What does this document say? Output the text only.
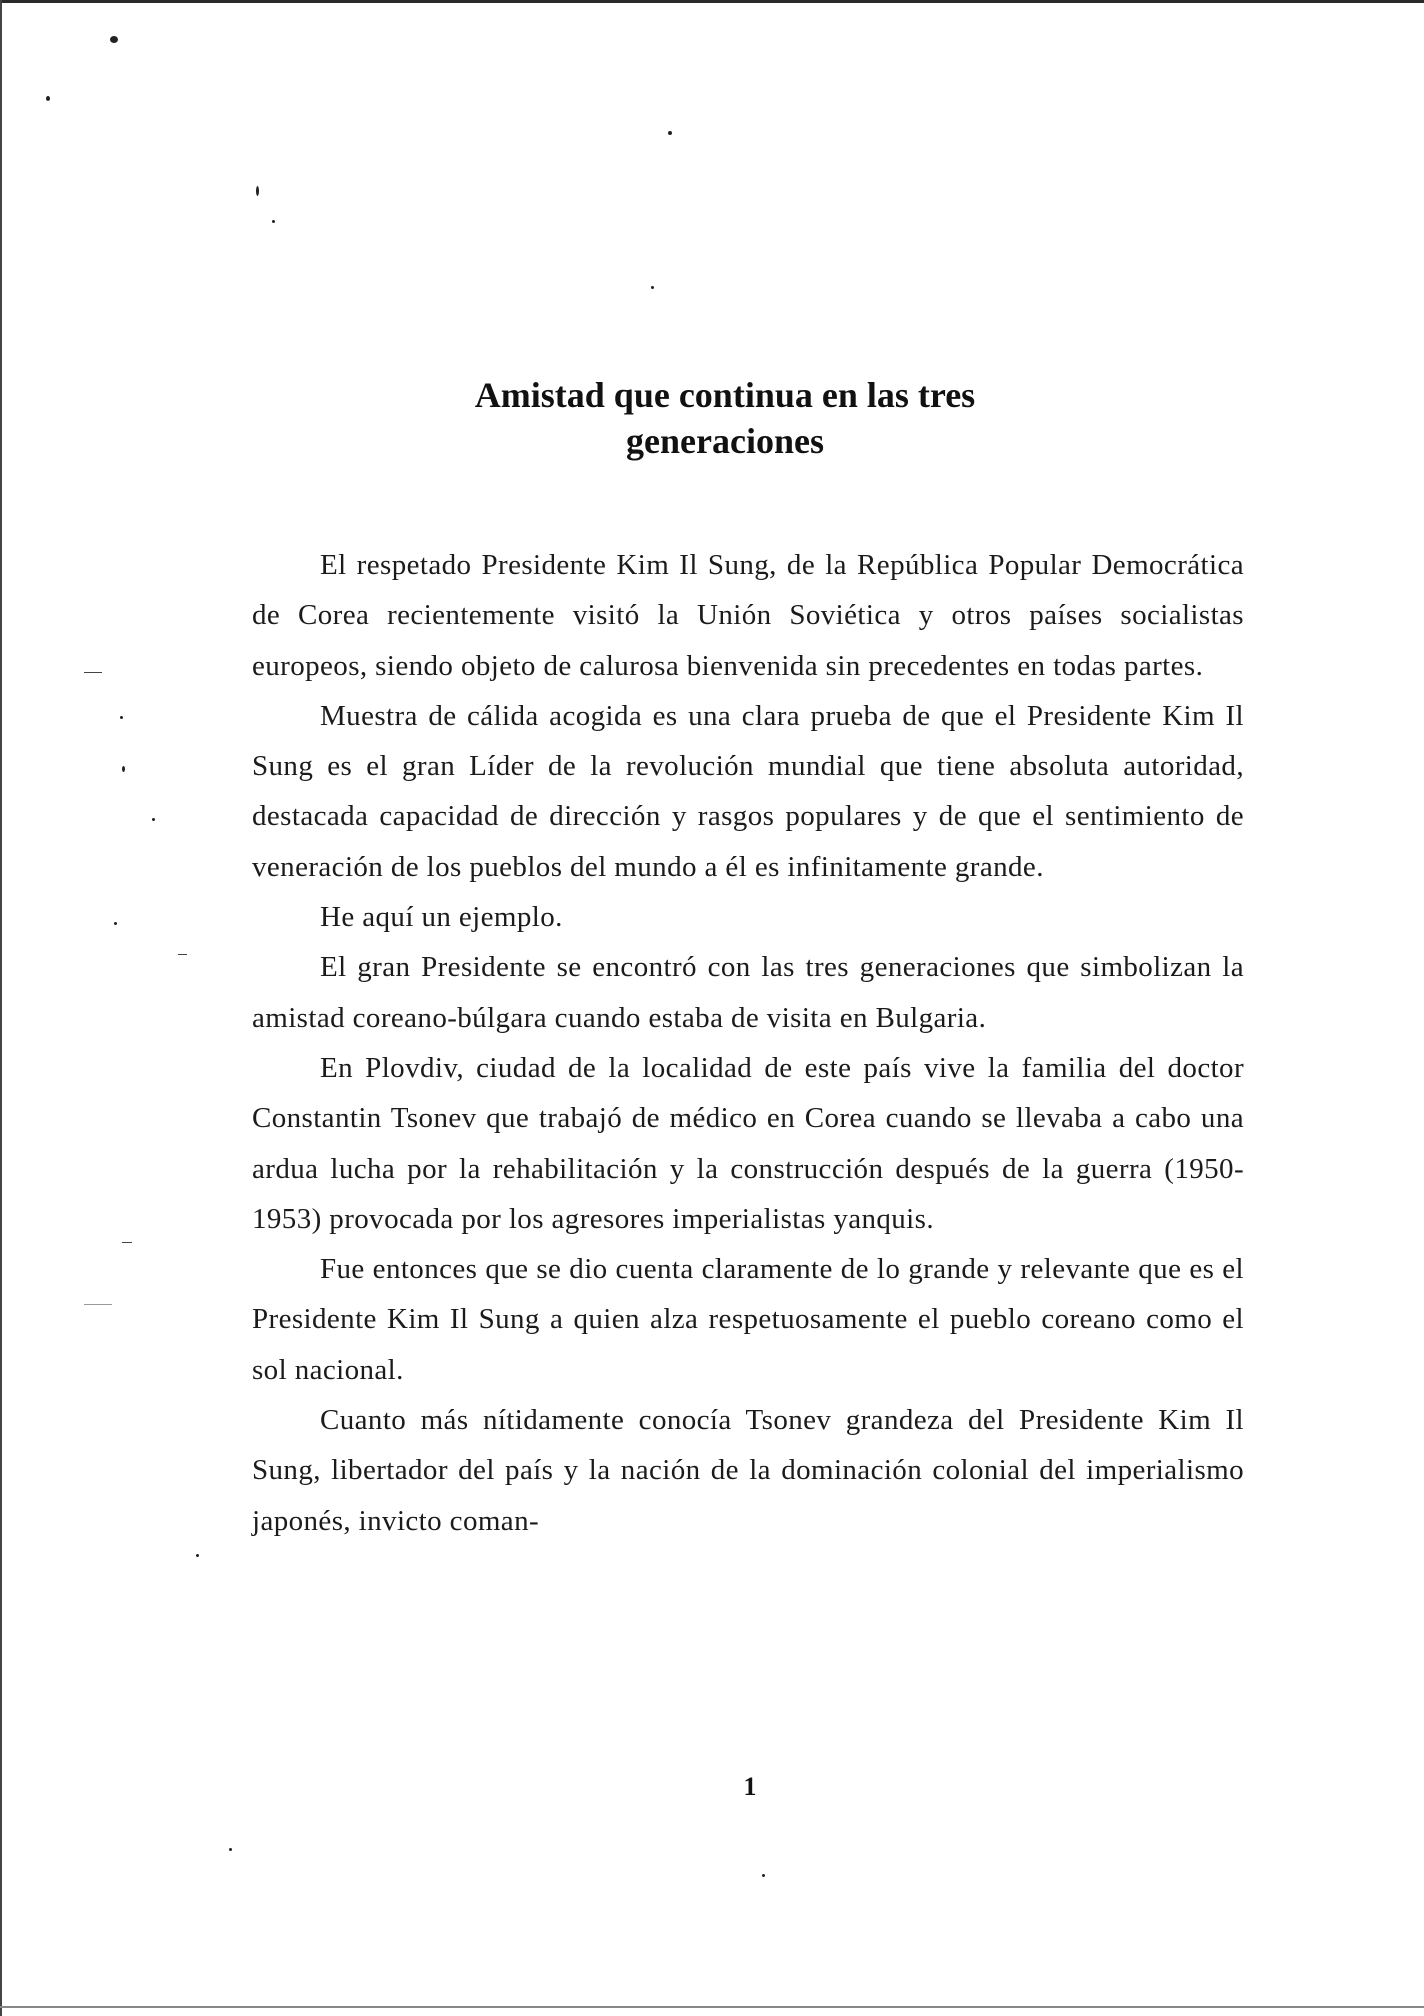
Amistad que continua en las tres
generaciones

El respetado Presidente Kim Il Sung, de la República Popular Democrática de Corea recientemente visitó la Unión Soviética y otros países socialistas europeos, siendo objeto de calurosa bienvenida sin precedentes en todas partes.

Muestra de cálida acogida es una clara prueba de que el Presidente Kim Il Sung es el gran Líder de la revolución mundial que tiene absoluta autoridad, destacada capacidad de dirección y rasgos populares y de que el sentimiento de veneración de los pueblos del mundo a él es infinitamente grande.

He aquí un ejemplo.

El gran Presidente se encontró con las tres generaciones que simbolizan la amistad coreano-búlgara cuando estaba de visita en Bulgaria.

En Plovdiv, ciudad de la localidad de este país vive la familia del doctor Constantin Tsonev que trabajó de médico en Corea cuando se llevaba a cabo una ardua lucha por la rehabilitación y la construcción después de la guerra (1950-1953) provocada por los agresores imperialistas yanquis.

Fue entonces que se dio cuenta claramente de lo grande y relevante que es el Presidente Kim Il Sung a quien alza respetuosamente el pueblo coreano como el sol nacional.

Cuanto más nítidamente conocía Tsonev grandeza del Presidente Kim Il Sung, libertador del país y la nación de la dominación colonial del imperialismo japonés, invicto coman-

1
